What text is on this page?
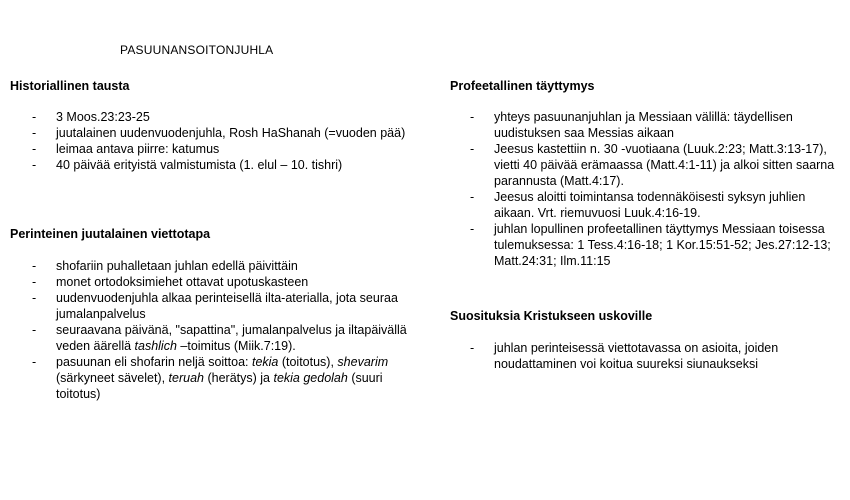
PASUUNANSOITONJUHLA
Historiallinen tausta
-	3 Moos.23:23-25
-	juutalainen uudenvuodenjuhla, Rosh HaShanah (=vuoden pää)
-	leimaa antava piirre: katumus
-	40 päivää erityistä valmistumista (1. elul – 10. tishri)
Perinteinen juutalainen viettotapa
-	shofariin puhalletaan juhlan edellä päivittäin
-	monet ortodoksimiehet ottavat upotuskasteen
-	uudenvuodenjuhla alkaa perinteisellä ilta-aterialla, jota seuraa jumalanpalvelus
-	seuraavana päivänä, "sapattina", jumalanpalvelus ja iltapäivällä veden äärellä tashlich –toimitus (Miik.7:19).
-	pasuunan eli shofarin neljä soittoa: tekia (toitotus), shevarim (särkyneet sävelet), teruah (herätys) ja tekia gedolah (suuri toitotus)
Profeetallinen täyttymys
-	yhteys pasuunanjuhlan ja Messiaan välillä: täydellisen uudistuksen saa Messias aikaan
-	Jeesus kastettiin n. 30 -vuotiaana (Luuk.2:23; Matt.3:13-17), vietti 40 päivää erämaassa (Matt.4:1-11) ja alkoi sitten saarna parannusta (Matt.4:17).
-	Jeesus aloitti toimintansa todennäköisesti syksyn juhlien aikaan. Vrt. riemuvuosi Luuk.4:16-19.
-	juhlan lopullinen profeetallinen täyttymys Messiaan toisessa tulemuksessa: 1 Tess.4:16-18; 1 Kor.15:51-52; Jes.27:12-13; Matt.24:31; Ilm.11:15
Suosituksia Kristukseen uskoville
-	juhlan perinteisessä viettotavassa on asioita, joiden noudattaminen voi koitua suureksi siunaukseksi
